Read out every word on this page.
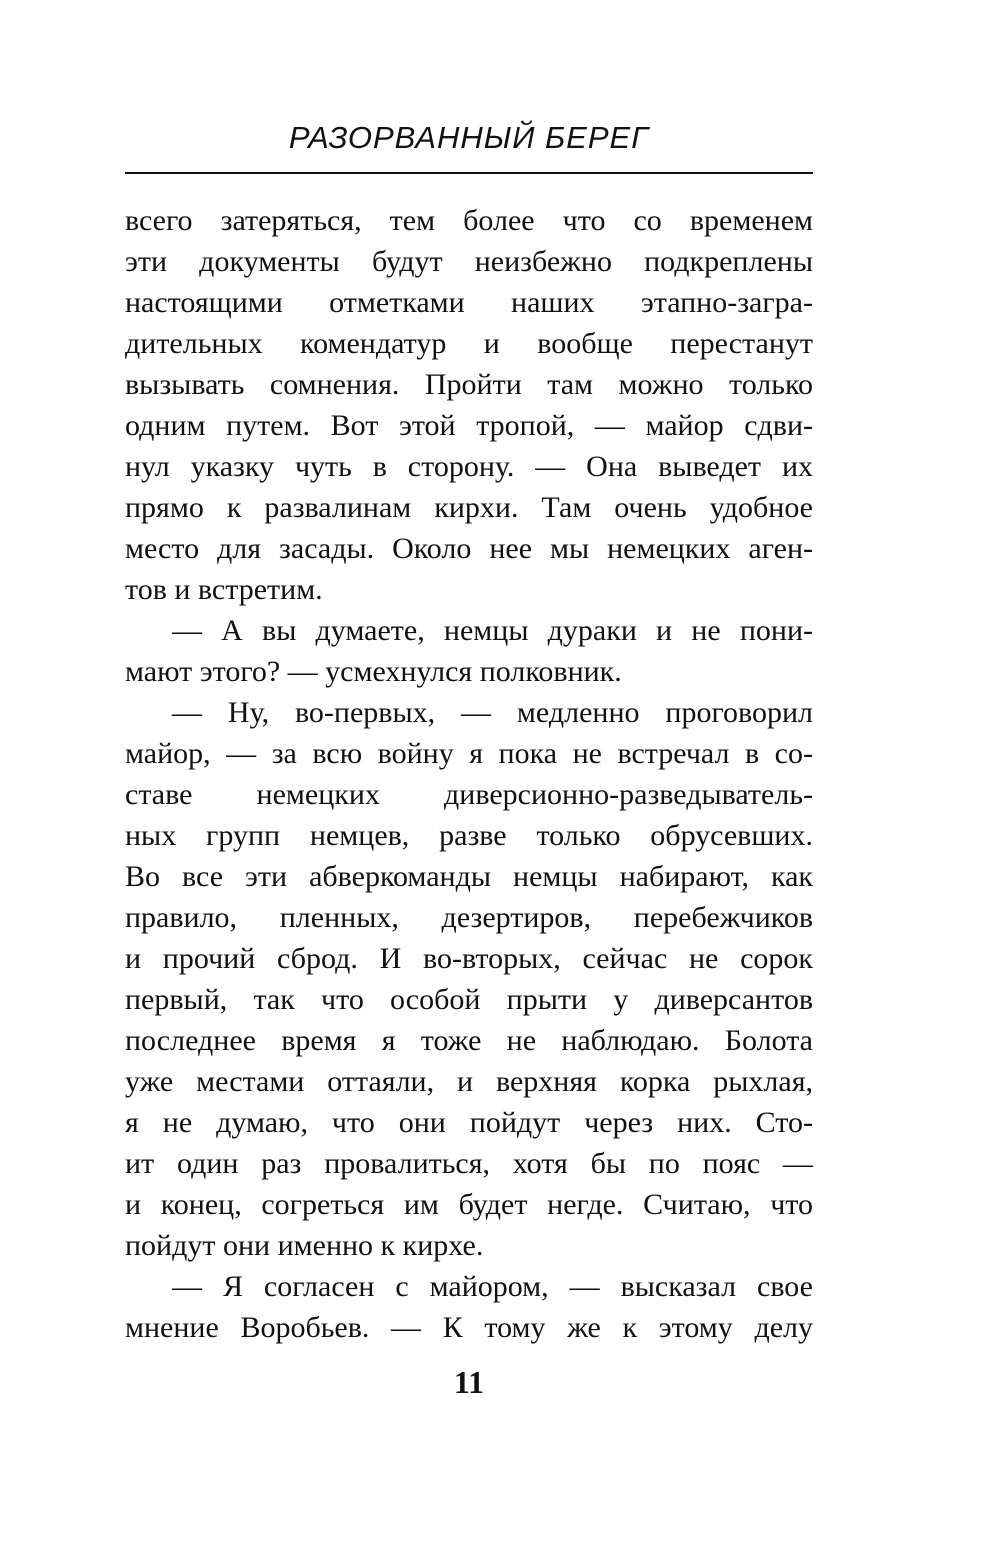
РАЗОРВАННЫЙ БЕРЕГ
всего затеряться, тем более что со временем
эти документы будут неизбежно подкреплены
настоящими отметками наших этапно-загра-
дительных комендатур и вообще перестанут
вызывать сомнения. Пройти там можно только
одним путем. Вот этой тропой, — майор сдви-
нул указку чуть в сторону. — Она выведет их
прямо к развалинам кирхи. Там очень удобное
место для засады. Около нее мы немецких аген-
тов и встретим.
— А вы думаете, немцы дураки и не пони-
мают этого? — усмехнулся полковник.
— Ну, во-первых, — медленно проговорил
майор, — за всю войну я пока не встречал в со-
ставе немецких диверсионно-разведыватель-
ных групп немцев, разве только обрусевших.
Во все эти абверкоманды немцы набирают, как
правило, пленных, дезертиров, перебежчиков
и прочий сброд. И во-вторых, сейчас не сорок
первый, так что особой прыти у диверсантов
последнее время я тоже не наблюдаю. Болота
уже местами оттаяли, и верхняя корка рыхлая,
я не думаю, что они пойдут через них. Сто-
ит один раз провалиться, хотя бы по пояс —
и конец, согреться им будет негде. Считаю, что
пойдут они именно к кирхе.
— Я согласен с майором, — высказал свое
мнение Воробьев. — К тому же к этому делу
11
